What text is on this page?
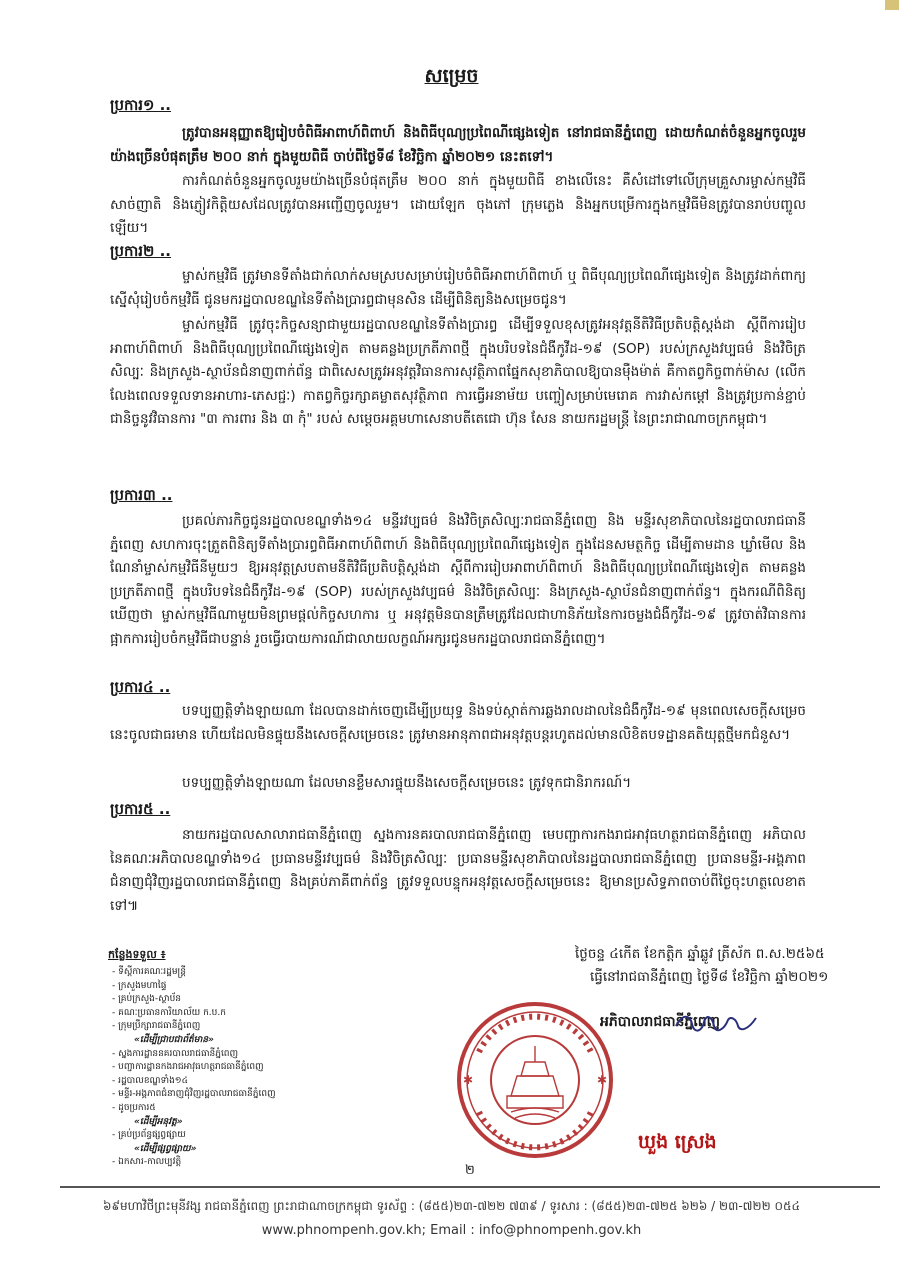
សម្រេច
ប្រការ១ ..
ត្រូវបានអនុញ្ញាតឱ្យរៀបចំពិធីអាពាហ៍ពិពាហ៍ និងពិធីបុណ្យប្រពៃណីផ្សេងទៀត នៅរាជធានីភ្នំពេញ ដោយកំណត់ចំនួនអ្នកចូលរួមយ៉ាងច្រើនបំផុតត្រឹម ២០០ នាក់ ក្នុងមួយពិធី ចាប់ពីថ្ងៃទី៨ ខែវិច្ឆិកា ឆ្នាំ២០២១ នេះតទៅ។
ការកំណត់ចំនួនអ្នកចូលរួមយ៉ាងច្រើនបំផុតត្រឹម ២០០ នាក់ ក្នុងមួយពិធី ខាងលើនេះ គឺសំដៅទៅលើក្រុមគ្រួសារម្ចាស់កម្មវិធី សាច់ញាតិ និងភ្ញៀវកិត្តិយសដែលត្រូវបានអញ្ជើញចូលរួម។ ដោយឡែក ចុងភៅ ក្រុមភ្លេង និងអ្នកបម្រើការក្នុងកម្មវិធីមិនត្រូវបានរាប់បញ្ចូលឡើយ។
ប្រការ២ ..
ម្ចាស់កម្មវិធី ត្រូវមានទីតាំងជាក់លាក់សមស្របសម្រាប់រៀបចំពិធីអាពាហ៍ពិពាហ៍ ឬ ពិធីបុណ្យប្រពៃណីផ្សេងទៀត និងត្រូវដាក់ពាក្យស្នើសុំរៀបចំកម្មវិធី ជូនមករដ្ឋបាលខណ្ឌនៃទីតាំងប្រារព្ធជាមុនសិន ដើម្បីពិនិត្យនិងសម្រេចជូន។
ម្ចាស់កម្មវិធី ត្រូវចុះកិច្ចសន្យាជាមួយរដ្ឋបាលខណ្ឌនៃទីតាំងប្រារព្ធ ដើម្បីទទួលខុសត្រូវអនុវត្តនីតិវិធីប្រតិបត្តិស្តង់ដា ស្តីពីការរៀបអាពាហ៍ពិពាហ៍ និងពិធីបុណ្យប្រពៃណីផ្សេងទៀត តាមគន្លងប្រក្រតីភាពថ្មី ក្នុងបរិបទនៃជំងឺកូវីដ-១៩ (SOP) របស់ក្រសួងវប្បធម៌ និងវិចិត្រសិល្បៈ និងក្រសួង-ស្ថាប័នជំនាញពាក់ព័ន្ធ ជាពិសេសត្រូវអនុវត្តវិធានការសុវត្ថិភាពផ្នែកសុខាភិបាលឱ្យបានម៉ឺងម៉ាត់ គឺកាតព្វកិច្ចពាក់ម៉ាស (លើកលែងពេលទទួលទានអាហារ-ភេសជ្ជៈ) កាតព្វកិច្ចរក្សាគម្លាតសុវត្ថិភាព ការធ្វើអនាម័យ បញ្ចៀសម្រាប់មេរោគ ការវាស់កម្ដៅ និងត្រូវប្រកាន់ខ្ជាប់ជានិច្ចនូវវិធានការ "៣ ការពារ និង ៣ កុំ" របស់ សម្តេចអគ្គមហាសេនាបតីតេជោ ហ៊ុន សែន នាយករដ្ឋមន្ត្រី នៃព្រះរាជាណាចក្រកម្ពុជា។
ប្រការ៣ ..
ប្រគល់ភារកិច្ចជូនរដ្ឋបាលខណ្ឌទាំង១៤ មន្ទីរវប្បធម៌ និងវិចិត្រសិល្បៈរាជធានីភ្នំពេញ និង មន្ទីរសុខាភិបាលនៃរដ្ឋបាលរាជធានីភ្នំពេញ សហការចុះត្រួតពិនិត្យទីតាំងប្រារព្ធពិធីអាពាហ៍ពិពាហ៍ និងពិធីបុណ្យប្រពៃណីផ្សេងទៀត ក្នុងដែនសមត្ថកិច្ច ដើម្បីតាមដាន ឃ្លាំមើល និងណែនាំម្ចាស់កម្មវិធីនីមួយៗ ឱ្យអនុវត្តស្របតាមនីតិវិធីប្រតិបត្តិស្តង់ដា ស្តីពីការរៀបអាពាហ៍ពិពាហ៍ និងពិធីបុណ្យប្រពៃណីផ្សេងទៀត តាមគន្លងប្រក្រតីភាពថ្មី ក្នុងបរិបទនៃជំងឺកូវីដ-១៩ (SOP) របស់ក្រសួងវប្បធម៌ និងវិចិត្រសិល្បៈ និងក្រសួង-ស្ថាប័នជំនាញពាក់ព័ន្ធ។ ក្នុងករណីពិនិត្យឃើញថា ម្ចាស់កម្មវិធីណាមួយមិនព្រមផ្តល់កិច្ចសហការ ឬ អនុវត្តមិនបានត្រឹមត្រូវដែលជាហានិភ័យនៃការចម្លងជំងឺកូវីដ-១៩ ត្រូវចាត់វិធានការផ្អាកការរៀបចំកម្មវិធីជាបន្ទាន់ រួចធ្វើរបាយការណ៍ជាលាយលក្ខណ៍អក្សរជូនមករដ្ឋបាលរាជធានីភ្នំពេញ។
ប្រការ៤ ..
បទប្បញ្ញត្តិទាំងឡាយណា ដែលបានដាក់ចេញដើម្បីប្រយុទ្ធ និងទប់ស្កាត់ការឆ្លងរាលដាលនៃជំងឺកូវីដ-១៩ មុនពេលសេចក្តីសម្រេចនេះចូលជាធរមាន ហើយដែលមិនផ្ទុយនឹងសេចក្តីសម្រេចនេះ ត្រូវមានអានុភាពជាអនុវត្តបន្តរហូតដល់មានលិខិតបទដ្ឋានគតិយុត្តថ្មីមកជំនួស។
បទប្បញ្ញត្តិទាំងឡាយណា ដែលមានខ្លឹមសារផ្ទុយនឹងសេចក្តីសម្រេចនេះ ត្រូវទុកជានិរាករណ៍។
ប្រការ៥ ..
នាយករដ្ឋបាលសាលារាជធានីភ្នំពេញ ស្នងការនគរបាលរាជធានីភ្នំពេញ មេបញ្ជាការកងរាជអាវុធហត្ថរាជធានីភ្នំពេញ អភិបាល នៃគណៈអភិបាលខណ្ឌទាំង១៤ ប្រធានមន្ទីរវប្បធម៌ និងវិចិត្រសិល្បៈ ប្រធានមន្ទីរសុខាភិបាលនៃរដ្ឋបាលរាជធានីភ្នំពេញ ប្រធានមន្ទីរ-អង្គភាពជំនាញជុំវិញរដ្ឋបាលរាជធានីភ្នំពេញ និងគ្រប់ភាគីពាក់ព័ន្ធ ត្រូវទទួលបន្ទុកអនុវត្តសេចក្តីសម្រេចនេះ ឱ្យមានប្រសិទ្ធភាពចាប់ពីថ្ងៃចុះហត្ថលេខាតទៅ៕
ថ្ងៃចន្ទ ៤កើត ខែកត្តិក ឆ្នាំឆ្លូវ ត្រីស័ក ព.ស.២៥៦៥
ធ្វើនៅរាជធានីភ្នំពេញ ថ្ងៃទី៨ ខែវិច្ឆិកា ឆ្នាំ២០២១
✱	✱
អភិបាលរាជធានីភ្នំពេញ
ឃួង ស្រេង
កន្លែងទទួល ៖
- ទីស្តីការគណៈរដ្ឋមន្ត្រី
- ក្រសួងមហាផ្ទៃ
- គ្រប់ក្រសួង-ស្ថាប័ន
- គណៈប្រធានការិយាល័យ ក.ប.ក
- ក្រុមប្រឹក្សារាជធានីភ្នំពេញ
«ដើម្បីជ្រាបជាព័ត៌មាន»
- ស្នងការដ្ឋាននគរបាលរាជធានីភ្នំពេញ
- បញ្ជាការដ្ឋានកងរាជអាវុធហត្ថរាជធានីភ្នំពេញ
- រដ្ឋបាលខណ្ឌទាំង១៤
- មន្ទីរ-អង្គភាពជំនាញជុំវិញរដ្ឋបាលរាជធានីភ្នំពេញ
- ដូចប្រការ៥
«ដើម្បីអនុវត្ត»
- គ្រប់ប្រព័ន្ធផ្សព្វផ្សាយ
«ដើម្បីផ្សព្វផ្សាយ»
- ឯកសារ-កាលប្បវត្តិ
២
៦៩មហាវិថីព្រះមុនីវង្ស រាជធានីភ្នំពេញ ព្រះរាជាណាចក្រកម្ពុជា ទូរស័ព្ទ : (៨៥៥)២៣-៧២២ ៧៣៩ / ទូរសារ : (៨៥៥)២៣-៧២៥ ៦២៦ / ២៣-៧២២ ០៥៤
www.phnompenh.gov.kh; Email : info@phnompenh.gov.kh
